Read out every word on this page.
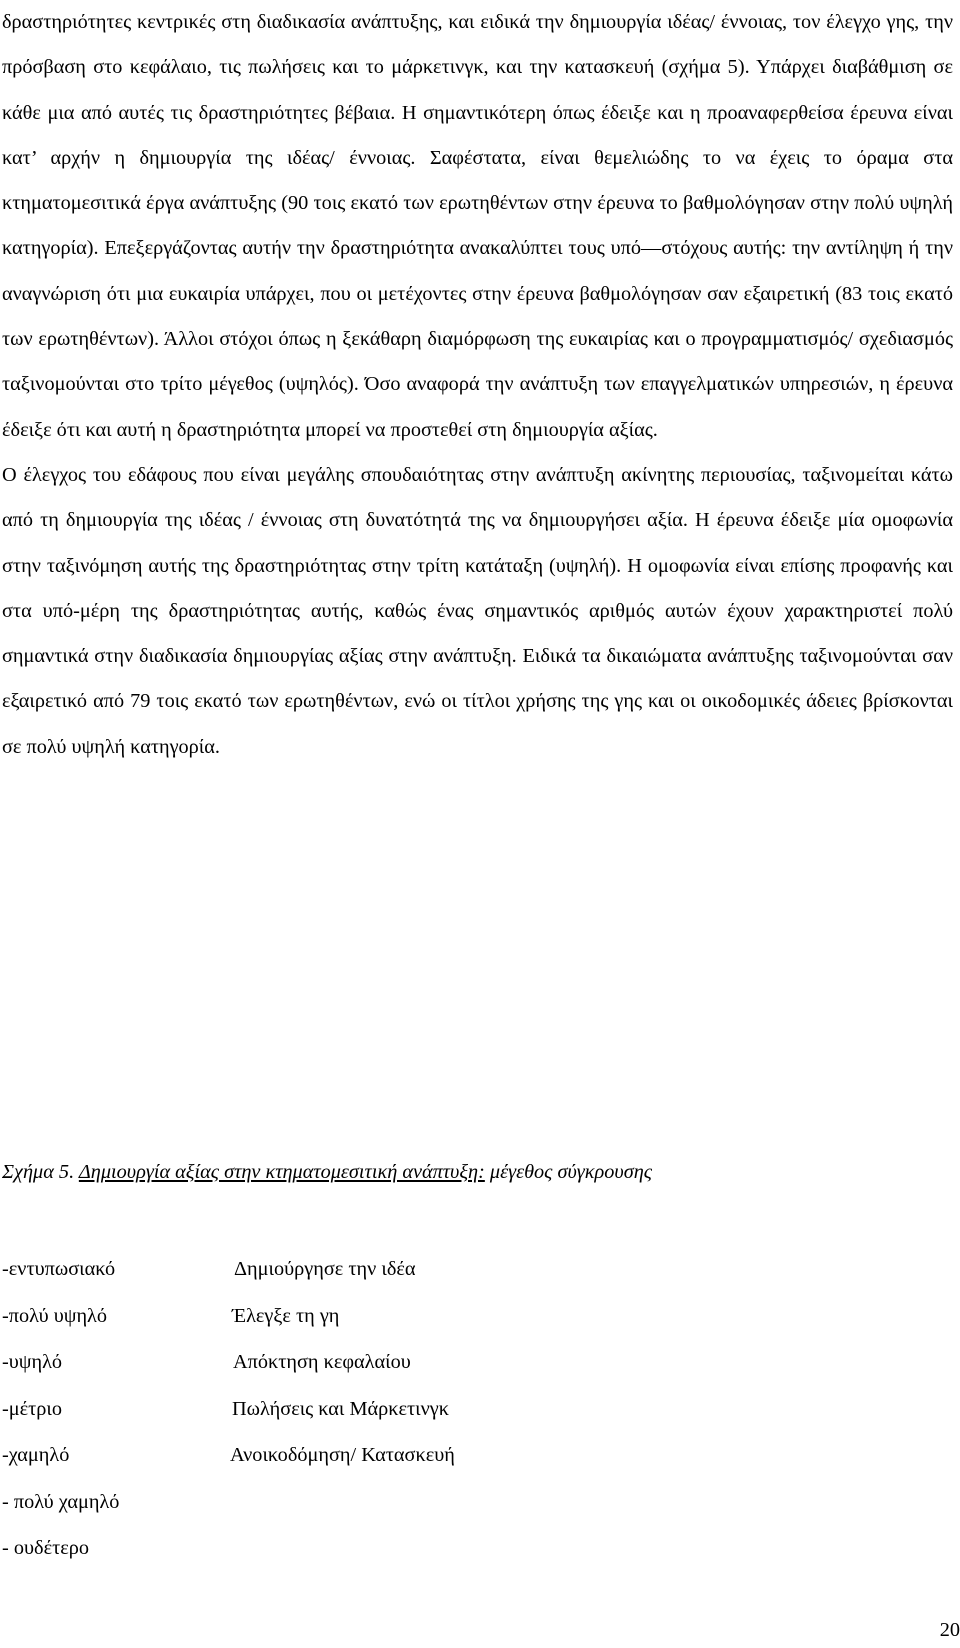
δραστηριότητες κεντρικές στη διαδικασία ανάπτυξης, και ειδικά την δημιουργία ιδέας/ έννοιας, τον έλεγχο γης, την πρόσβαση στο κεφάλαιο, τις πωλήσεις και το μάρκετινγκ, και την κατασκευή (σχήμα 5). Υπάρχει διαβάθμιση σε κάθε μια από αυτές τις δραστηριότητες βέβαια. Η σημαντικότερη όπως έδειξε και η προαναφερθείσα έρευνα είναι κατ’ αρχήν η δημιουργία της ιδέας/ έννοιας. Σαφέστατα, είναι θεμελιώδης το να έχεις το όραμα στα κτηματομεσιτικά έργα ανάπτυξης (90 τοις εκατό των ερωτηθέντων στην έρευνα το βαθμολόγησαν στην πολύ υψηλή κατηγορία). Επεξεργάζοντας αυτήν την δραστηριότητα ανακαλύπτει τους υπό—στόχους αυτής: την αντίληψη ή την αναγνώριση ότι μια ευκαιρία υπάρχει, που οι μετέχοντες στην έρευνα βαθμολόγησαν σαν εξαιρετική (83 τοις εκατό των ερωτηθέντων). Άλλοι στόχοι όπως η ξεκάθαρη διαμόρφωση της ευκαιρίας και ο προγραμματισμός/ σχεδιασμός ταξινομούνται στο τρίτο μέγεθος (υψηλός). Όσο αναφορά την ανάπτυξη των επαγγελματικών υπηρεσιών, η έρευνα έδειξε ότι και αυτή η δραστηριότητα μπορεί να προστεθεί στη δημιουργία αξίας.

Ο έλεγχος του εδάφους που είναι μεγάλης σπουδαιότητας στην ανάπτυξη ακίνητης περιουσίας, ταξινομείται κάτω από τη δημιουργία της ιδέας / έννοιας στη δυνατότητά της να δημιουργήσει αξία. Η έρευνα έδειξε μία ομοφωνία στην ταξινόμηση αυτής της δραστηριότητας στην τρίτη κατάταξη (υψηλή). Η ομοφωνία είναι επίσης προφανής και στα υπό-μέρη της δραστηριότητας αυτής, καθώς ένας σημαντικός αριθμός αυτών έχουν χαρακτηριστεί πολύ σημαντικά στην διαδικασία δημιουργίας αξίας στην ανάπτυξη. Ειδικά τα δικαιώματα ανάπτυξης ταξινομούνται σαν εξαιρετικό από 79 τοις εκατό των ερωτηθέντων, ενώ οι τίτλοι χρήσης της γης και οι οικοδομικές άδειες βρίσκονται σε πολύ υψηλή κατηγορία.

Σχήμα 5. Δημιουργία αξίας στην κτηματομεσιτική ανάπτυξη: μέγεθος σύγκρουσης
-εντυπωσιακό	Δημιούργησε την ιδέα
-πολύ υψηλό	Έλεγξε τη γη
-υψηλό	Απόκτηση κεφαλαίου
-μέτριο	Πωλήσεις και Μάρκετινγκ
-χαμηλό	Ανοικοδόμηση/ Κατασκευή
- πολύ χαμηλό
- ουδέτερο
20
